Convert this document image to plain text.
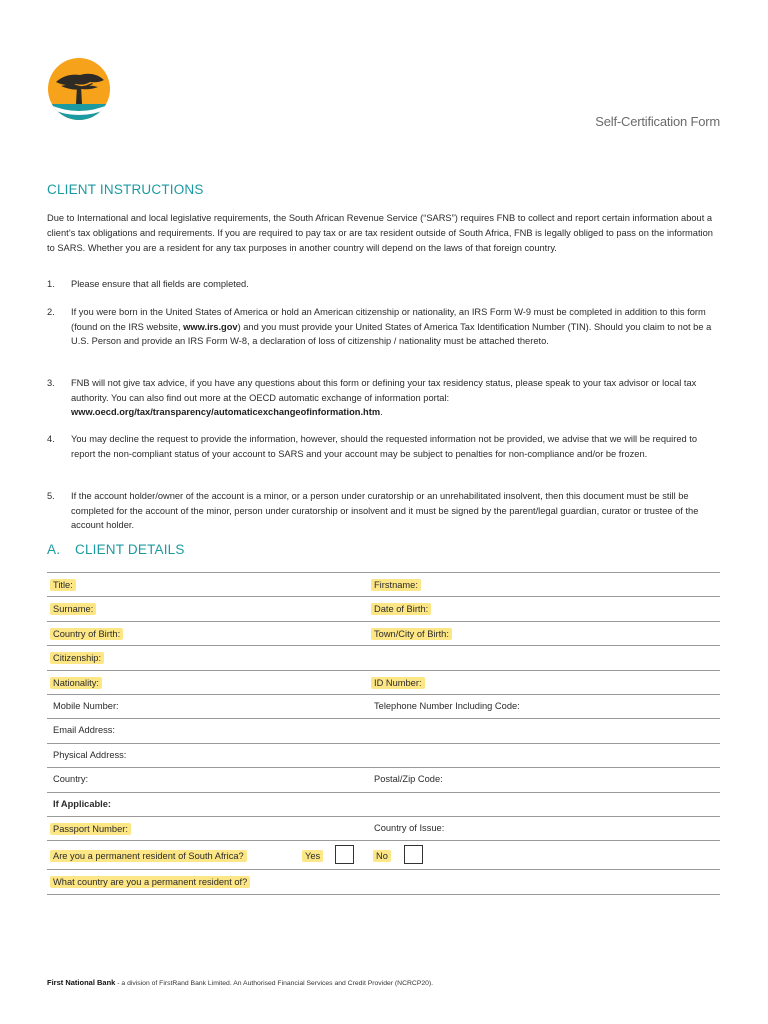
Self-Certification Form
CLIENT INSTRUCTIONS

Due to International and local legislative requirements, the South African Revenue Service (“SARS”) requires FNB to collect and report certain information about a client’s tax obligations and requirements. If you are required to pay tax or are tax resident outside of South Africa, FNB is legally obliged to pass on the information to SARS. Whether you are a resident for any tax purposes in another country will depend on the laws of that foreign country.

1. Please ensure that all fields are completed.
2. If you were born in the United States of America or hold an American citizenship or nationality, an IRS Form W-9 must be completed in addition to this form (found on the IRS website, www.irs.gov) and you must provide your United States of America Tax Identification Number (TIN). Should you claim to not be a U.S. Person and provide an IRS Form W-8, a declaration of loss of citizenship / nationality must be attached thereto.
3. FNB will not give tax advice, if you have any questions about this form or defining your tax residency status, please speak to your tax advisor or local tax authority. You can also find out more at the OECD automatic exchange of information portal: www.oecd.org/tax/transparency/automaticexchangeofinformation.htm.
4. You may decline the request to provide the information, however, should the requested information not be provided, we advise that we will be required to report the non-compliant status of your account to SARS and your account may be subject to penalties for non-compliance and/or be frozen.
5. If the account holder/owner of the account is a minor, or a person under curatorship or an unrehabilitated insolvent, then this document must be still be completed for the account of the minor, person under curatorship or insolvent and it must be signed by the parent/legal guardian, curator or trustee of the account holder.
A. CLIENT DETAILS
Title:	Firstname:
Surname:	Date of Birth:
Country of Birth:	Town/City of Birth:
Citizenship:
Nationality:	ID Number:
Mobile Number:	Telephone Number Including Code:
Email Address:
Physical Address:
Country:	Postal/Zip Code:
If Applicable:
Passport Number:	Country of Issue:
Are you a permanent resident of South Africa?	Yes	No
What country are you a permanent resident of?
First National Bank - a division of FirstRand Bank Limited. An Authorised Financial Services and Credit Provider (NCRCP20).
